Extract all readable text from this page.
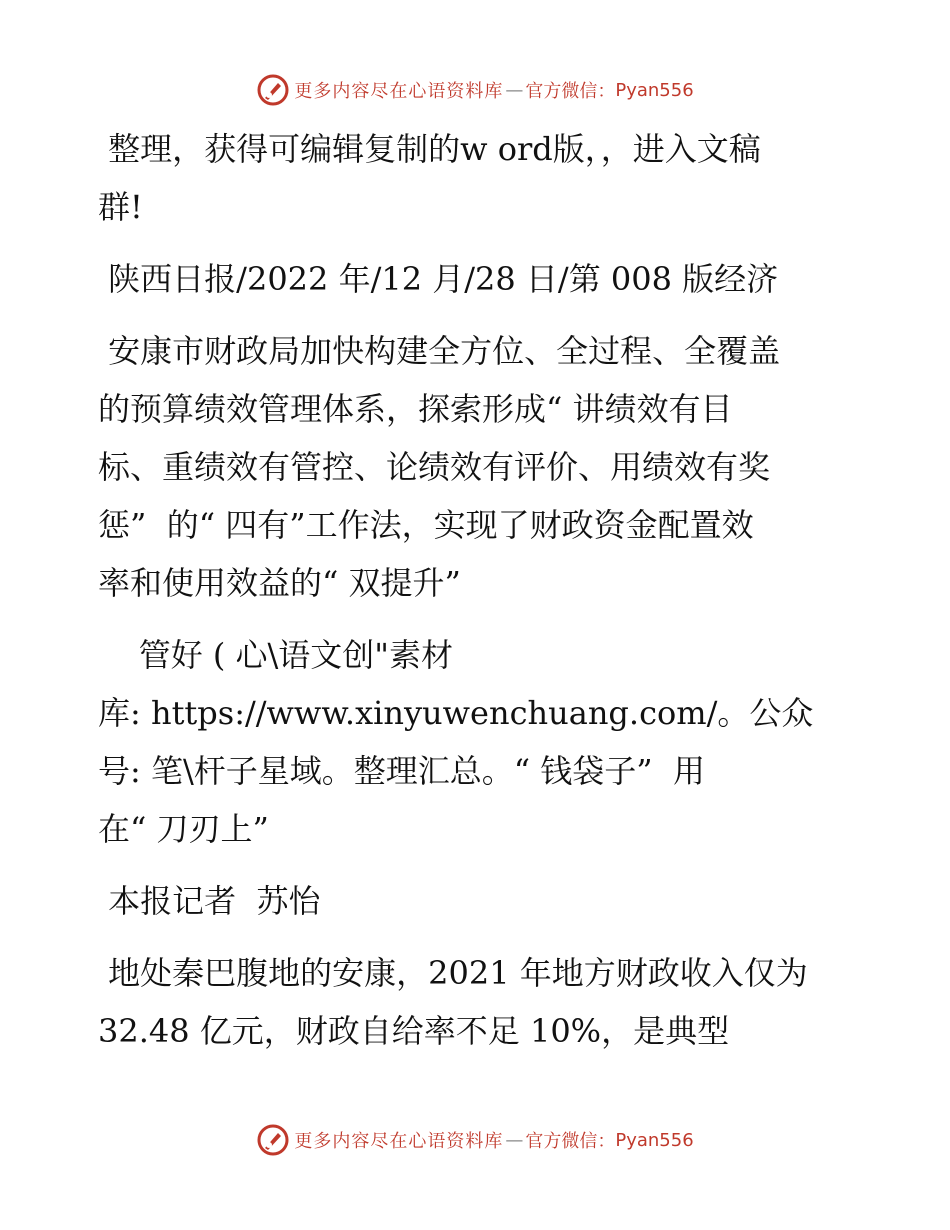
更多内容尽在心语资料库 — 官方微信： Pyan556
整理，获得可编辑复制的w ord版，，进入文稿
群!
陕西日报/2022 年/12 月/28 日/第 008 版经济
安康市财政局加快构建全方位、全过程、全覆盖
的预算绩效管理体系，探索形成“ 讲绩效有目
标、重绩效有管控、论绩效有评价、用绩效有奖
惩”  的“ 四有”工作法，实现了财政资金配置效
率和使用效益的“ 双提升”
管好 ( 心\语文创"素材
库: https://www.xinyuwenchuang.com/。公众
号: 笔\杆子星域。整理汇总。“ 钱袋子”  用
在“ 刀刃上”
本报记者  苏怡
地处秦巴腹地的安康，2021 年地方财政收入仅为
32.48 亿元，财政自给率不足 10%，是典型
更多内容尽在心语资料库 — 官方微信： Pyan556
